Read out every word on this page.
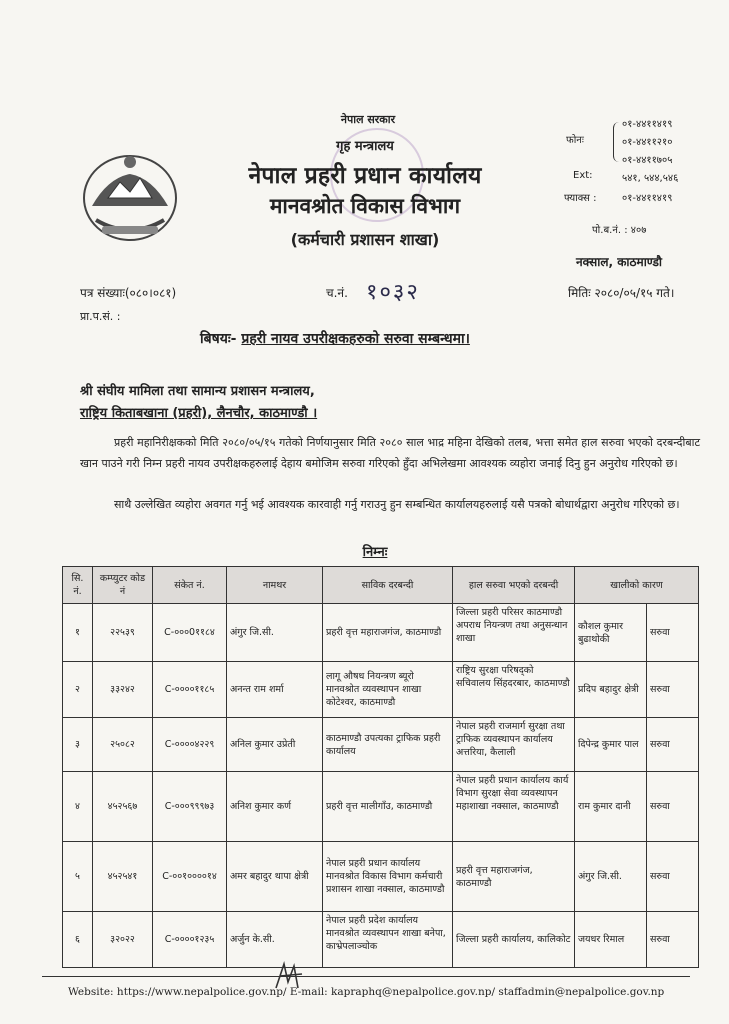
नेपाल सरकार
गृह मन्त्रालय
नेपाल प्रहरी प्रधान कार्यालय
मानवश्रोत विकास विभाग
(कर्मचारी प्रशासन शाखा)
फोनः
०१-४४११४१९
०१-४४११२१०
०१-४४११७०५
Ext:	५४१, ५४४,५४६
फ्याक्स :	०१-४४११४१९
पो.ब.नं. : ४०७
नक्साल, काठमाण्डौ
पत्र संख्याः(०८०।०८१)	च.नं. १०३२	मितिः २०८०/०५/१५ गते।
प्रा.प.सं. :
बिषयः- प्रहरी नायव उपरीक्षकहरुको सरुवा सम्बन्धमा।
श्री संघीय मामिला तथा सामान्य प्रशासन मन्त्रालय,
राष्ट्रिय किताबखाना (प्रहरी), लैनचौर, काठमाण्डौ ।
प्रहरी महानिरीक्षकको मिति २०८०/०५/१५ गतेको निर्णयानुसार मिति २०८० साल भाद्र महिना देखिको तलब, भत्ता समेत हाल सरुवा भएको दरबन्दीबाट खान पाउने गरी निम्न प्रहरी नायव उपरीक्षकहरुलाई देहाय बमोजिम सरुवा गरिएको हुँदा अभिलेखमा आवश्यक व्यहोरा जनाई दिनु हुन अनुरोध गरिएको छ।
साथै उल्लेखित व्यहोरा अवगत गर्नु भई आवश्यक कारवाही गर्नु गराउनु हुन सम्बन्धित कार्यालयहरुलाई यसै पत्रको बोधार्थद्वारा अनुरोध गरिएको छ।
निम्नः
सि. नं.	कम्प्युटर कोड नं	संकेत नं.	नामथर	साविक दरबन्दी	हाल सरुवा भएको दरबन्दी	खालीको कारण	
१	२२५३९	C-०००0११८४	अंगुर जि.सी.	प्रहरी वृत्त महाराजगंज, काठमाण्डौ	जिल्ला प्रहरी परिसर काठमाण्डौ अपराध नियन्त्रण तथा अनुसन्धान शाखा	कौशल कुमार बुढाथोकी	सरुवा
२	३३२४२	C-००००११८५	अनन्त राम शर्मा	लागू औषध नियन्त्रण ब्यूरो मानवश्रोत व्यवस्थापन शाखा कोटेश्वर, काठमाण्डौ	राष्ट्रिय सुरक्षा परिषद्को सचिवालय सिंहदरबार, काठमाण्डौ	प्रदिप बहादुर क्षेत्री	सरुवा
३	२५०८२	C-००००४२२९	अनिल कुमार उप्रेती	काठमाण्डौ उपत्यका ट्राफिक प्रहरी कार्यालय	नेपाल प्रहरी राजमार्ग सुरक्षा तथा ट्राफिक व्यवस्थापन कार्यालय अत्तरिया, कैलाली	दिपेन्द्र कुमार पाल	सरुवा
४	४५२५६७	C-०००९९९७३	अनिश कुमार कर्ण	प्रहरी वृत्त मालीगाँउ, काठमाण्डौ	नेपाल प्रहरी प्रधान कार्यालय कार्य विभाग सुरक्षा सेवा व्यवस्थापन महाशाखा नक्साल, काठमाण्डौ	राम कुमार दानी	सरुवा
५	४५२५४१	C-००१००००१४	अमर बहादुर थापा क्षेत्री	नेपाल प्रहरी प्रधान कार्यालय मानवश्रोत विकास विभाग कर्मचारी प्रशासन शाखा नक्साल, काठमाण्डौ	प्रहरी वृत्त महाराजगंज, काठमाण्डौ	अंगुर जि.सी.	सरुवा
६	३२०२२	C-००००१२३५	अर्जुन के.सी.	नेपाल प्रहरी प्रदेश कार्यालय मानवश्रोत व्यवस्थापन शाखा बनेपा, काभ्रेपलाञ्चोक	जिल्ला प्रहरी कार्यालय, कालिकोट	जयधर रिमाल	सरुवा
Website: https://www.nepalpolice.gov.np/ E-mail: kapraphq@nepalpolice.gov.np/ staffadmin@nepalpolice.gov.np
